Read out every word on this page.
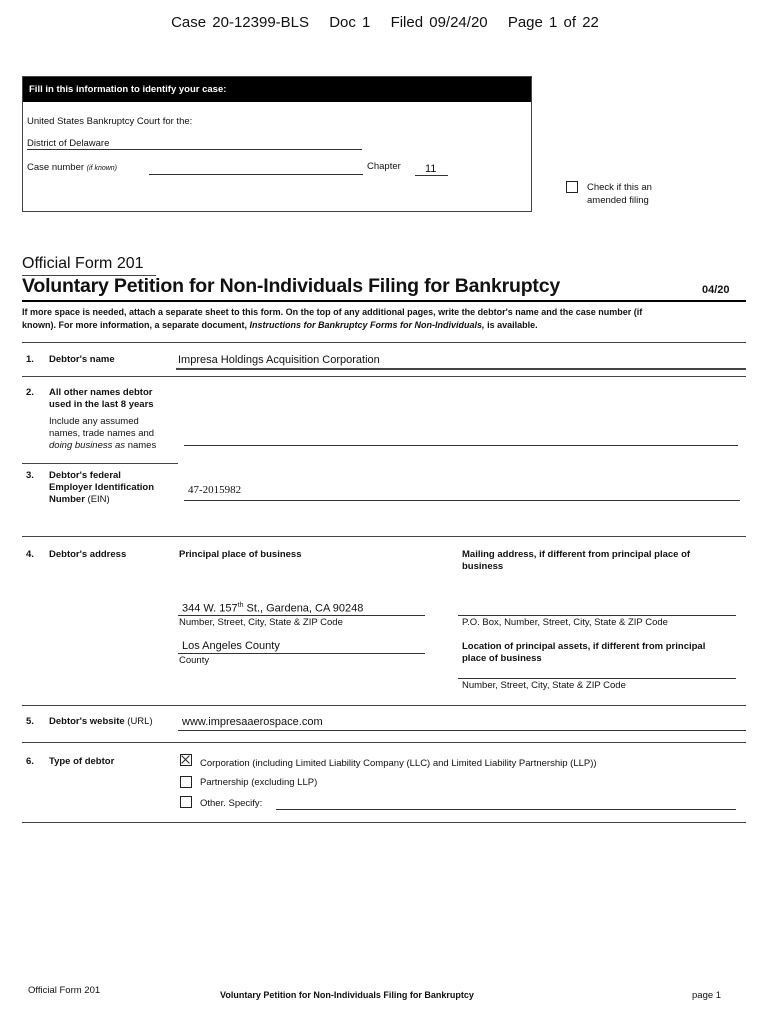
Case 20-12399-BLS Doc 1 Filed 09/24/20 Page 1 of 22
Fill in this information to identify your case:
United States Bankruptcy Court for the:
District of Delaware
Case number (if known)	Chapter 11
Check if this an
amended filing
Official Form 201
Voluntary Petition for Non-Individuals Filing for Bankruptcy	04/20
If more space is needed, attach a separate sheet to this form. On the top of any additional pages, write the debtor's name and the case number (if
known). For more information, a separate document, Instructions for Bankruptcy Forms for Non-Individuals, is available.
1. Debtor's name	Impresa Holdings Acquisition Corporation
2. All other names debtor
used in the last 8 years
Include any assumed
names, trade names and
doing business as names
3. Debtor's federal
Employer Identification
Number (EIN)
47-2015982
4. Debtor's address	Principal place of business	Mailing address, if different from principal place of
business
344 W. 157th St., Gardena, CA 90248
Number, Street, City, State & ZIP Code	P.O. Box, Number, Street, City, State & ZIP Code
Los Angeles County
County
Location of principal assets, if different from principal
place of business
Number, Street, City, State & ZIP Code
5. Debtor's website (URL)	www.impresaaerospace.com
6. Type of debtor	Corporation (including Limited Liability Company (LLC) and Limited Liability Partnership (LLP))
Partnership (excluding LLP)
Other. Specify:
Official Form 201	Voluntary Petition for Non-Individuals Filing for Bankruptcy	page 1
